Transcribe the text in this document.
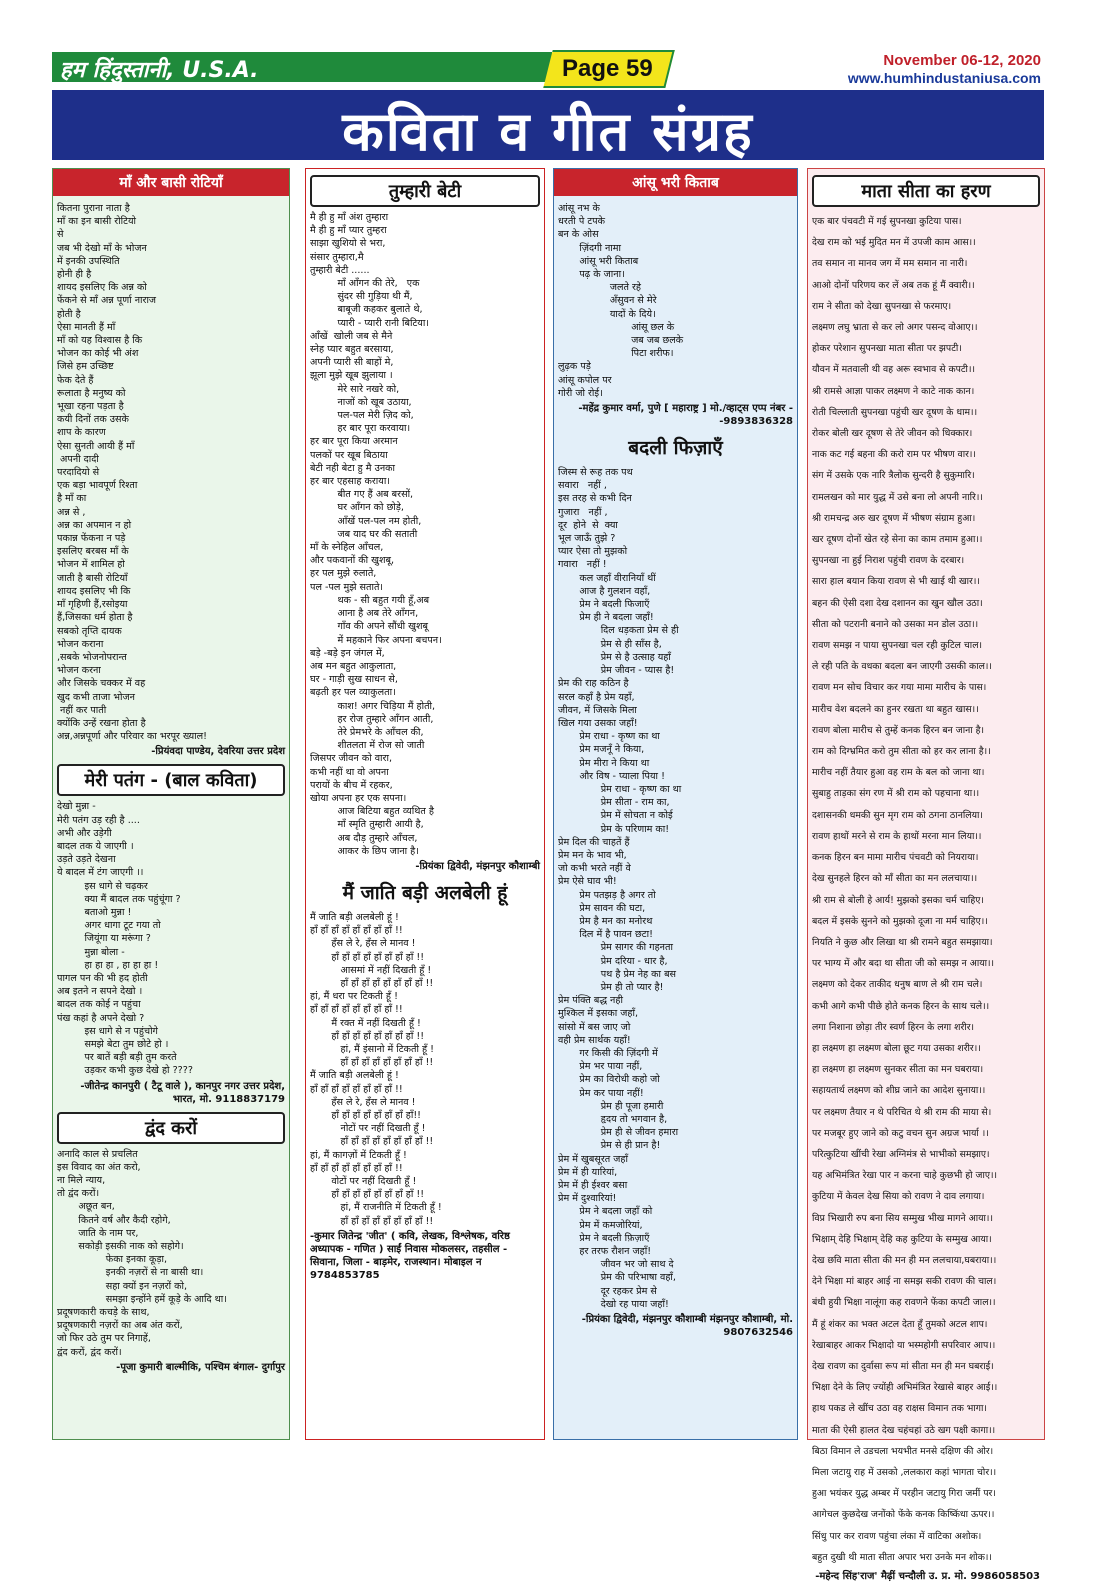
हम हिंदुस्तानी, U.S.A.	Page 59	November 06-12, 2020
www.humhindustaniusa.com
कविता व गीत संग्रह
माँ और बासी रोटियाँ
कितना पुराना नाता है
माँ का इन बासी रोटियो
से
जब भी देखो माँ के भोजन
में इनकी उपस्थिति
होनी ही है
शायद इसलिए कि अन्न को
फेंकने से माँ अन्न पूर्णा नाराज
होती है
ऐसा मानती हैं माँ
माँ को यह विश्वास है कि
भोजन का कोई भी अंश
जिसे हम उच्छिष्ट
फेक देते हैं
रूलाता है मनुष्य को
भूखा रहना पड़ता है
कयी दिनों तक उसके
शाप के कारण
ऐसा सुनती आयी हैं माँ
अपनी दादी
परदादियो से
एक बड़ा भावपूर्ण रिश्ता
है माँ का
अन्न से ,
अन्न का अपमान न हो
पकान्न फेंकना न पड़े
इसलिए बरबस माँ के
भोजन में शामिल हो
जाती है बासी रोटियाँ
शायद इसलिए भी कि
माँ गृहिणी हैं,रसोइया
हैं,जिसका धर्म होता है
सबको तृप्ति दायक
भोजन कराना
,सबके भोजनोपरान्त
भोजन करना
और जिसके चक्कर में वह
खुद कभी ताजा भोजन
नहीं कर पाती
क्योंकि उन्हें रखना होता है
अन्न,अन्नपूर्णा और परिवार का भरपूर ख्याल!
-प्रियंवदा पाण्डेय, देवरिया उत्तर प्रदेश
मेरी पतंग - (बाल कविता)
देखो मुन्ना -
मेरी पतंग उड़ रही है ....
अभी और उड़ेगी
बादल तक ये जाएगी ।
उड़ते उड़ते देखना
ये बादल में टंग जाएगी ।।
इस धागे से चढ़कर
क्या मैं बादल तक पहुंचूंगा ?
बताओ मुन्ना !
अगर धागा टूट गया तो
जियूंगा या मरूंगा ?
मुन्ना बोला -
हा हा हा , हा हा हा !
पागल पन की भी हद होती
अब इतने न सपने देखो ।
बादल तक कोई न पहुंचा
पंख कहां है अपने देखो ?
इस धागे से न पहुंचोगे
समझे बेटा तुम छोटे हो ।
पर बातें बड़ी बड़ी तुम करते
उड़कर कभी कुछ देखे हो ????
-जीतेन्द्र कानपुरी ( टैटू वाले ), कानपुर नगर उत्तर प्रदेश, भारत, मो. 9118837179
द्वंद करों
अनादि काल से प्रचलित
इस विवाद का अंत करो,
ना मिले न्याय,
तो द्वंद करों।
अछूत बन,
कितने वर्ष और कैदी रहोगे,
जाति के नाम पर,
सकोड़ी इसकी नाक को सहोगे।
फेका इनका कूड़ा,
इनकी नज़रों से ना बासी था।
सहा क्यों इन नज़रों को,
समझा इन्होंने हमें कूड़े के आदि था।
प्रदूषणकारी कचड़े के साथ,
प्रदूषणकारी नज़रों का अब अंत करों,
जो फिर उठे तुम पर निगाहें,
द्वंद करों, द्वंद करों।
-पूजा कुमारी बाल्मीकि, पश्चिम बंगाल- दुर्गापुर
तुम्हारी बेटी
मै ही हु माँ अंश तुम्हारा
मै ही हु माँ प्यार तुम्हरा
साझा खुशियो से भरा,
संसार तुम्हारा,मै
तुम्हारी बेटी ......
माँ आँगन की तेरे,   एक
सुंदर सी गुड़िया थी मैं,
बाबूजी कहकर बुलाते थे,
प्यारी - प्यारी रानी बिटिया।
आँखें  खोली जब से मैने
स्नेह प्यार बहुत बरसाया,
अपनी प्यारी सी बाहों मे,
झूला मुझे खूब झुलाया ।
मेरे सारे नखरे को,
नाजों को खूब उठाया,
पल-पल मेरी ज़िद को,
हर बार पूरा करवाया।
हर बार पूरा किया अरमान
पलकों पर खूब बिठाया
बेटी नही बेटा हु मै उनका
हर बार एहसाह कराया।
बीत गए हैं अब बरसों,
घर आँगन को छोड़े,
आँखें पल-पल नम होती,
जब याद घर की सताती
माँ के स्नेहिल आँचल,
और पकवानों की खुशबू,
हर पल मुझे रुलाते,
पल -पल मुझे सताते।
थक - सी बहुत गयी हूँ,अब
आना है अब तेरे आँगन,
गाँव की अपने सौंधी खुशबू
में महकाने फिर अपना बचपन।
बड़े -बड़े इन जंगल में,
अब मन बहुत आकुलाता,
घर - गाड़ी सुख साधन से,
बढ़ती हर पल व्याकुलता।
काश! अगर चिड़िया मैं होती,
हर रोज तुम्हारे आँगन आती,
तेरे प्रेमभरे के आँचल की,
शीतलता में रोज सो जाती
जिसपर जीवन को वारा,
कभी नहीं था वो अपना
परायों के बीच में रहकर,
खोया अपना हर एक सपना।
आज बिटिया बहुत व्यथित है
माँ स्मृति तुम्हारी आयी है,
अब दौड़ तुम्हारे आँचल,
आकर के छिप जाना है।
-प्रियंका द्विवेदी, मंझनपुर कौशाम्बी
मैं जाति बड़ी अलबेली हूं
मैं जाति बड़ी अलबेली हूं !
हाँ हाँ हाँ हाँ हाँ हाँ हाँ हाँ !!
हँस ले रे, हँस ले मानव !
हाँ हाँ हाँ हाँ हाँ हाँ हाँ हाँ !!
आसमां में नहीं दिखती हूँ !
हाँ हाँ हाँ हाँ हाँ हाँ हाँ हाँ !!
हां, मैं धरा पर टिकती हूँ !
हाँ हाँ हाँ हाँ हाँ हाँ हाँ हाँ !!
मैं रक्त में नहीं दिखती हूँ !
हाँ हाँ हाँ हाँ हाँ हाँ हाँ हाँ !!
हां, मैं इंसानो में टिकती हूँ !
हाँ हाँ हाँ हाँ हाँ हाँ हाँ हाँ !!
मैं जाति बड़ी अलबेली हूं !
हाँ हाँ हाँ हाँ हाँ हाँ हाँ हाँ !!
हँस ले रे, हँस ले मानव !
हाँ हाँ हाँ हाँ हाँ हाँ हाँ हाँ!!
नोटों पर नहीं दिखती हूँ !
हाँ हाँ हाँ हाँ हाँ हाँ हाँ हाँ !!
हां, मैं कागज़ों में टिकती हूँ !
हाँ हाँ हाँ हाँ हाँ हाँ हाँ हाँ !!
वोटों पर नहीं दिखती हूँ !
हाँ हाँ हाँ हाँ हाँ हाँ हाँ हाँ !!
हां, मैं राजनीति में टिकती हूँ !
हाँ हाँ हाँ हाँ हाँ हाँ हाँ हाँ !!
-कुमार जितेन्द्र 'जीत' ( कवि, लेखक, विश्लेषक, वरिष्ठ अध्यापक - गणित ) साईं निवास मोकलसर, तहसील - सिवाना, जिला - बाड़मेर, राजस्थान। मोबाइल न 9784853785
आंसू भरी किताब
आंसू नभ के
धरती पे टपके
बन के ओस
ज़िंदगी नामा
आंसू भरी किताब
पढ़ के जाना।
जलते रहे
अँसुवन से मेरे
यादों के दिये।
आंसू छल के
जब जब छलके
पिटा शरीफ।
लुढ़क पड़े
आंसू कपोल पर
गोरी जो रोई।
-महेंद्र कुमार वर्मा, पुणे [ महाराष्ट्र ] मो./व्हाट्स एप्प नंबर --9893836328
बदली फिज़ाएँ
जिस्म से रूह तक पथ
सवारा   नहीं ,
इस तरह से कभी दिन
गुजारा   नहीं ,
दूर  होने  से  क्या
भूल जाऊँ तुझे ?
प्यार ऐसा तो मुझको
गवारा   नहीं !
कल जहाँ वीरानियाँ थीं
आज है गुलशन वहाँ,
प्रेम ने बदली फिजाएँ
प्रेम ही ने बदला जहाँ!
दिल धड़कता प्रेम से ही
प्रेम से ही साँस है,
प्रेम से है उत्साह यहाँ
प्रेम जीवन - प्यास है!
प्रेम की राह कठिन है
सरल कहाँ है प्रेम यहाँ,
जीवन, में जिसके मिला
खिल गया उसका जहाँ!
प्रेम राधा - कृष्ण का था
प्रेम मजनूँ ने किया,
प्रेम मीरा ने किया था
और विष - प्याला पिया !
प्रेम राधा - कृष्ण का था
प्रेम सीता - राम का,
प्रेम में सोचता न कोई
प्रेम के परिणाम का!
प्रेम दिल की चाहतें हैं
प्रेम मन के भाव भी,
जो कभी भरते नहीं वे
प्रेम ऐसे घाव भी!
प्रेम पतझड़ है अगर तो
प्रेम सावन की घटा,
प्रेम है मन का मनोरथ
दिल में है पावन छटा!
प्रेम सागर की गहनता
प्रेम दरिया - धार है,
पथ है प्रेम नेह का बस
प्रेम ही तो प्यार है!
प्रेम पंक्ति बद्ध नही
मुश्किल में इसका जहाँ,
सांसो में बस जाए जो
वही प्रेम सार्थक यहाँ!
गर किसी की ज़िंदगी में
प्रेम भर पाया नहीं,
प्रेम का विरोधी कहो जो
प्रेम कर पाया नहीं!
प्रेम ही पूजा हमारी
हृदय तो भगवान है,
प्रेम ही से जीवन हमारा
प्रेम से ही प्रान है!
प्रेम में खुबसूरत जहाँ
प्रेम में ही यारियां,
प्रेम में ही ईश्वर बसा
प्रेम में दुश्वारियां!
प्रेम ने बदला जहाँ को
प्रेम में कमजोरियां,
प्रेम ने बदली फ़िज़ाएँ
हर तरफ रौशन जहाँ!
जीवन भर जो साथ दे
प्रेम की परिभाषा वहाँ,
दूर रहकर प्रेम से
देखो रह पाया जहाँ!
-प्रियंका द्विवेदी, मंझनपुर कौशाम्बी मंझनपुर कौशाम्बी, मो. 9807632546
माता सीता का हरण
एक बार पंचवटी में गई सुपनखा कुटिया पास।
देख राम को भई मुदित मन में उपजी काम आस।।
तव समान ना मानव जग में मम समान ना नारी।
आओ दोनों परिणय कर लें अब तक हूं मैं क्वारी।।
राम ने सीता को देखा सुपनखा से फरमाए।
लक्ष्मण लघु भ्राता से कर लो अगर पसन्द वोआए।।
होकर परेशान सुपनखा माता सीता पर झपटी।
यौवन में मतवाली थी वह अरू स्वभाव से कपटी।।
श्री रामसे आज्ञा पाकर लक्ष्मण ने काटे नाक कान।
रोती चिल्लाती सुपनखा पहुंची खर दूषण के धाम।।
रोकर बोली खर दूषण से तेरे जीवन को धिक्कार।
नाक कट गई बहना की करो राम पर भीषण वार।।
संग में उसके एक नारि त्रैलोक सुन्दरी है सुकुमारि।
रामलखन को मार युद्ध में उसे बना लो अपनी नारि।।
श्री रामचन्द्र अरु खर दूषण में भीषण संग्राम हुआ।
खर दूषण दोनों खेत रहे सेना का काम तमाम हुआ।।
सुपनखा ना हुई निराश पहुंची रावण के दरबार।
सारा हाल बयान किया रावण से भी खाई थी खार।।
बहन की ऐसी दशा देख दशानन का खुन खौल उठा।
सीता को पटरानी बनाने को उसका मन डोल उठा।।
रावण समझ न पाया सुपनखा चल रही कुटिल चाल।
ले रही पति के वधका बदला बन जाएगी उसकी काल।।
रावण मन सोच विचार कर गया मामा मारीच के पास।
मारीच वेश बदलने का हुनर रखता था बहुत खास।।
रावण बोला मारीच से तुम्हें कनक हिरन बन जाना है।
राम को दिग्भ्रमित करो तुम सीता को हर कर लाना है।।
मारीच नहीं तैयार हुआ वह राम के बल को जाना था।
सुबाहु ताड़का संग रण में श्री राम को पहचाना था।।
दशासनकी धमकी सुन मृग राम को ठगना ठानलिया।
रावण हाथों मरने से राम के हाथों मरना मान लिया।।
कनक हिरन बन मामा मारीच पंचवटी को नियराया।
देख सुनहले हिरन को माँ सीता का मन ललचाया।।
श्री राम से बोली हे आर्य! मुझको इसका चर्म चाहिए।
बदल में इसके सुनने को मुझको दूजा ना मर्म चाहिए।।
नियति ने कुछ और लिखा था श्री रामने बहुत समझाया।
पर भाग्य में और बदा था सीता जी को समझ न आया।।
लक्ष्मण को देकर ताकीद धनुष बाण ले श्री राम चले।
कभी आगे कभी पीछे होते कनक हिरन के साथ चले।।
लगा निशाना छोड़ा तीर स्वर्ण हिरन के लगा शरीर।
हा लक्ष्मण हा लक्ष्मण बोला छूट गया उसका शरीर।।
हा लक्ष्मण हा लक्ष्मण सुनकर सीता का मन घबराया।
सहायतार्थ लक्ष्मण को शीघ्र जाने का आदेश सुनाया।।
पर लक्ष्मण तैयार न थे परिचित थे श्री राम की माया से।
पर मजबूर हुए जाने को कटु वचन सुन अग्रज भार्या ।।
परित्कुटिया खींची रेखा अग्निमंत्र से भाभीको समझाए।
यह अभिमंत्रित रेखा पार न करना चाहे कुछभी हो जाए।।
कुटिया में केवल देख सिया को रावण ने दाव लगाया।
विप्र भिखारी रुप बना सिय सम्मुख भीख मागने आया।।
भिक्षाम् देहि भिक्षाम् देहि कह कुटिया के सम्मुख आया।
देख छवि माता सीता की मन ही मन ललचाया,घबराया।।
देने भिक्षा मां बाहर आई ना समझ सकी रावण की चाल।
बंधी हुयी भिक्षा नालूंगा कह रावणने फेंका कपटी जाल।।
मैं हूं शंकर का भक्त अटल देता हूँ तुमको अटल शाप।
रेखाबाहर आकर भिक्षादो या भस्महोगी सपरिवार आप।।
देख रावण का दुर्वासा रूप मां सीता मन ही मन घबराई।
भिक्षा देने के लिए ज्योंही अभिमंत्रित रेखासे बाहर आई।।
हाथ पकड ले खींच उठा वह राक्षस विमान तक भागा।
माता की ऐसी हालत देख चहंचहां उठे खग पक्षी कागा।।
बिठा विमान ले उडचला भयभीत मनसे दक्षिण की ओर।
मिला जटायु राह में उसको ,ललकारा कहां भागता चोर।।
हुआ भयंकर युद्ध अम्बर में परहीन जटायु गिरा जमीं पर।
आगेचल कुछदेख जनोंको फेंके कनक किष्किंधा ऊपर।।
सिंधु पार कर रावण पहुंचा लंका में वाटिका अशोक।
बहुत दुखी थी माता सीता अपार भरा उनके मन शोक।।
-महेन्द सिंह'राज' मैढ़ीं चन्दौली उ. प्र. मो. 9986058503
